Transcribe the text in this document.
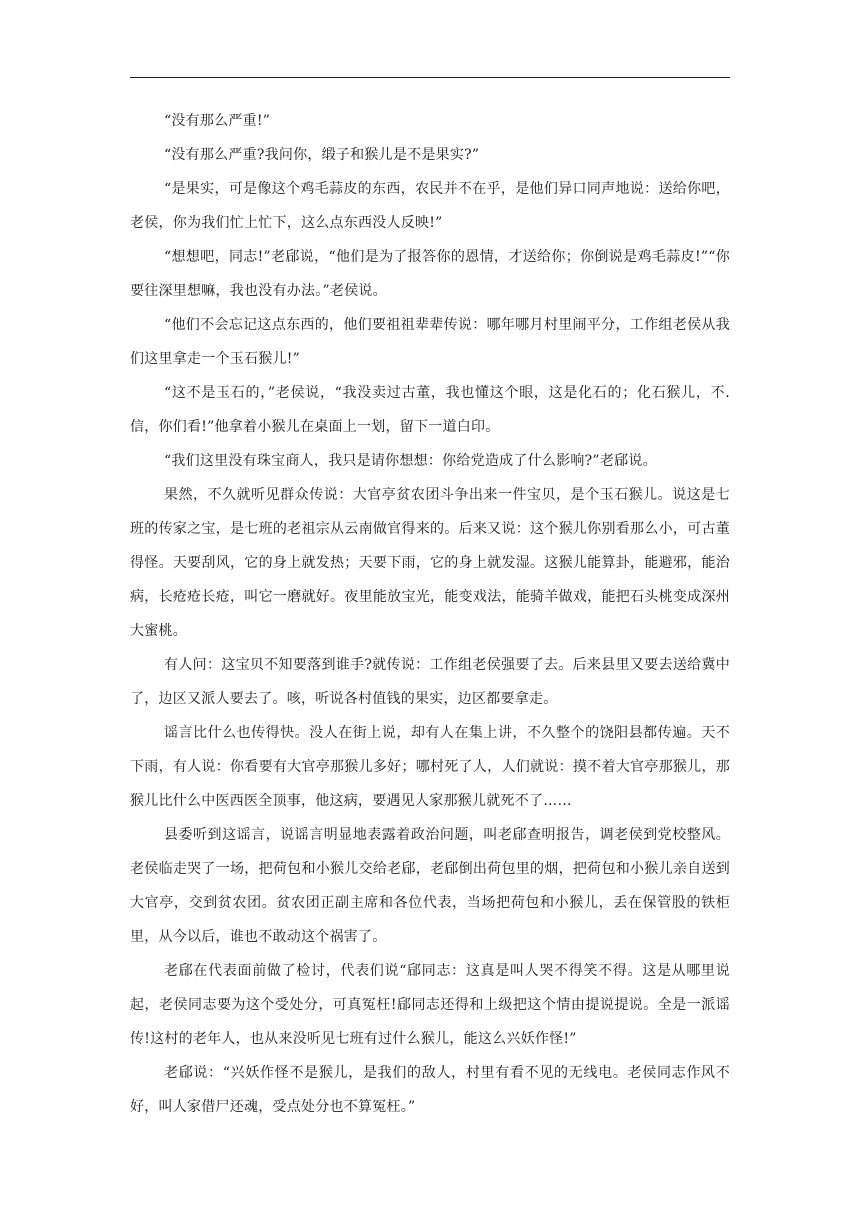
“没有那么严重!”

“没有那么严重?我问你，缎子和猴儿是不是果实?”

“是果实，可是像这个鸡毛蒜皮的东西，农民并不在乎，是他们异口同声地说：送给你吧，老侯，你为我们忙上忙下，这么点东西没人反映!”

“想想吧，同志!”老郈说，“他们是为了报答你的恩情，才送给你；你倒说是鸡毛蒜皮!”“你要往深里想嘛，我也没有办法。”老侯说。

“他们不会忘记这点东西的，他们要祖祖辈辈传说：哪年哪月村里闹平分，工作组老侯从我们这里拿走一个玉石猴儿!”

“这不是玉石的，”老侯说，“我没卖过古董，我也懂这个眼，这是化石的；化石猴儿，不.信，你们看!”他拿着小猴儿在桌面上一划，留下一道白印。

“我们这里没有珠宝商人，我只是请你想想：你给党造成了什么影响?”老郈说。

果然，不久就听见群众传说：大官亭贫农团斗争出来一件宝贝，是个玉石猴儿。说这是七班的传家之宝，是七班的老祖宗从云南做官得来的。后来又说：这个猴儿你别看那么小，可古董得怪。天要刮风，它的身上就发热；天要下雨，它的身上就发湿。这猴儿能算卦，能避邪，能治病，长疮疮长疮，叫它一磨就好。夜里能放宝光，能变戏法，能骑羊做戏，能把石头桃变成深州大蜜桃。

有人问：这宝贝不知要落到谁手?就传说：工作组老侯强要了去。后来县里又要去送给冀中了，边区又派人要去了。咳，听说各村值钱的果实，边区都要拿走。

谣言比什么也传得快。没人在街上说，却有人在集上讲，不久整个的饶阳县都传遍。天不下雨，有人说：你看要有大官亭那猴儿多好；哪村死了人，人们就说：摸不着大官亭那猴儿，那猴儿比什么中医西医全顶事，他这病，要遇见人家那猴儿就死不了……

县委听到这谣言，说谣言明显地表露着政治问题，叫老郈查明报告，调老侯到党校整风。老侯临走哭了一场，把荷包和小猴儿交给老郈，老郈倒出荷包里的烟，把荷包和小猴儿亲自送到大官亭，交到贫农团。贫农团正副主席和各位代表，当场把荷包和小猴儿，丢在保管股的铁柜里，从今以后，谁也不敢动这个祸害了。

老郈在代表面前做了检讨，代表们说“郈同志：这真是叫人哭不得笑不得。这是从哪里说起，老侯同志要为这个受处分，可真冤枉!郈同志还得和上级把这个情由提说提说。全是一派谣传!这村的老年人，也从来没听见七班有过什么猴儿，能这么兴妖作怪!”

老郈说：“兴妖作怪不是猴儿，是我们的敌人，村里有看不见的无线电。老侯同志作风不好，叫人家借尸还魂，受点处分也不算冤枉。”
